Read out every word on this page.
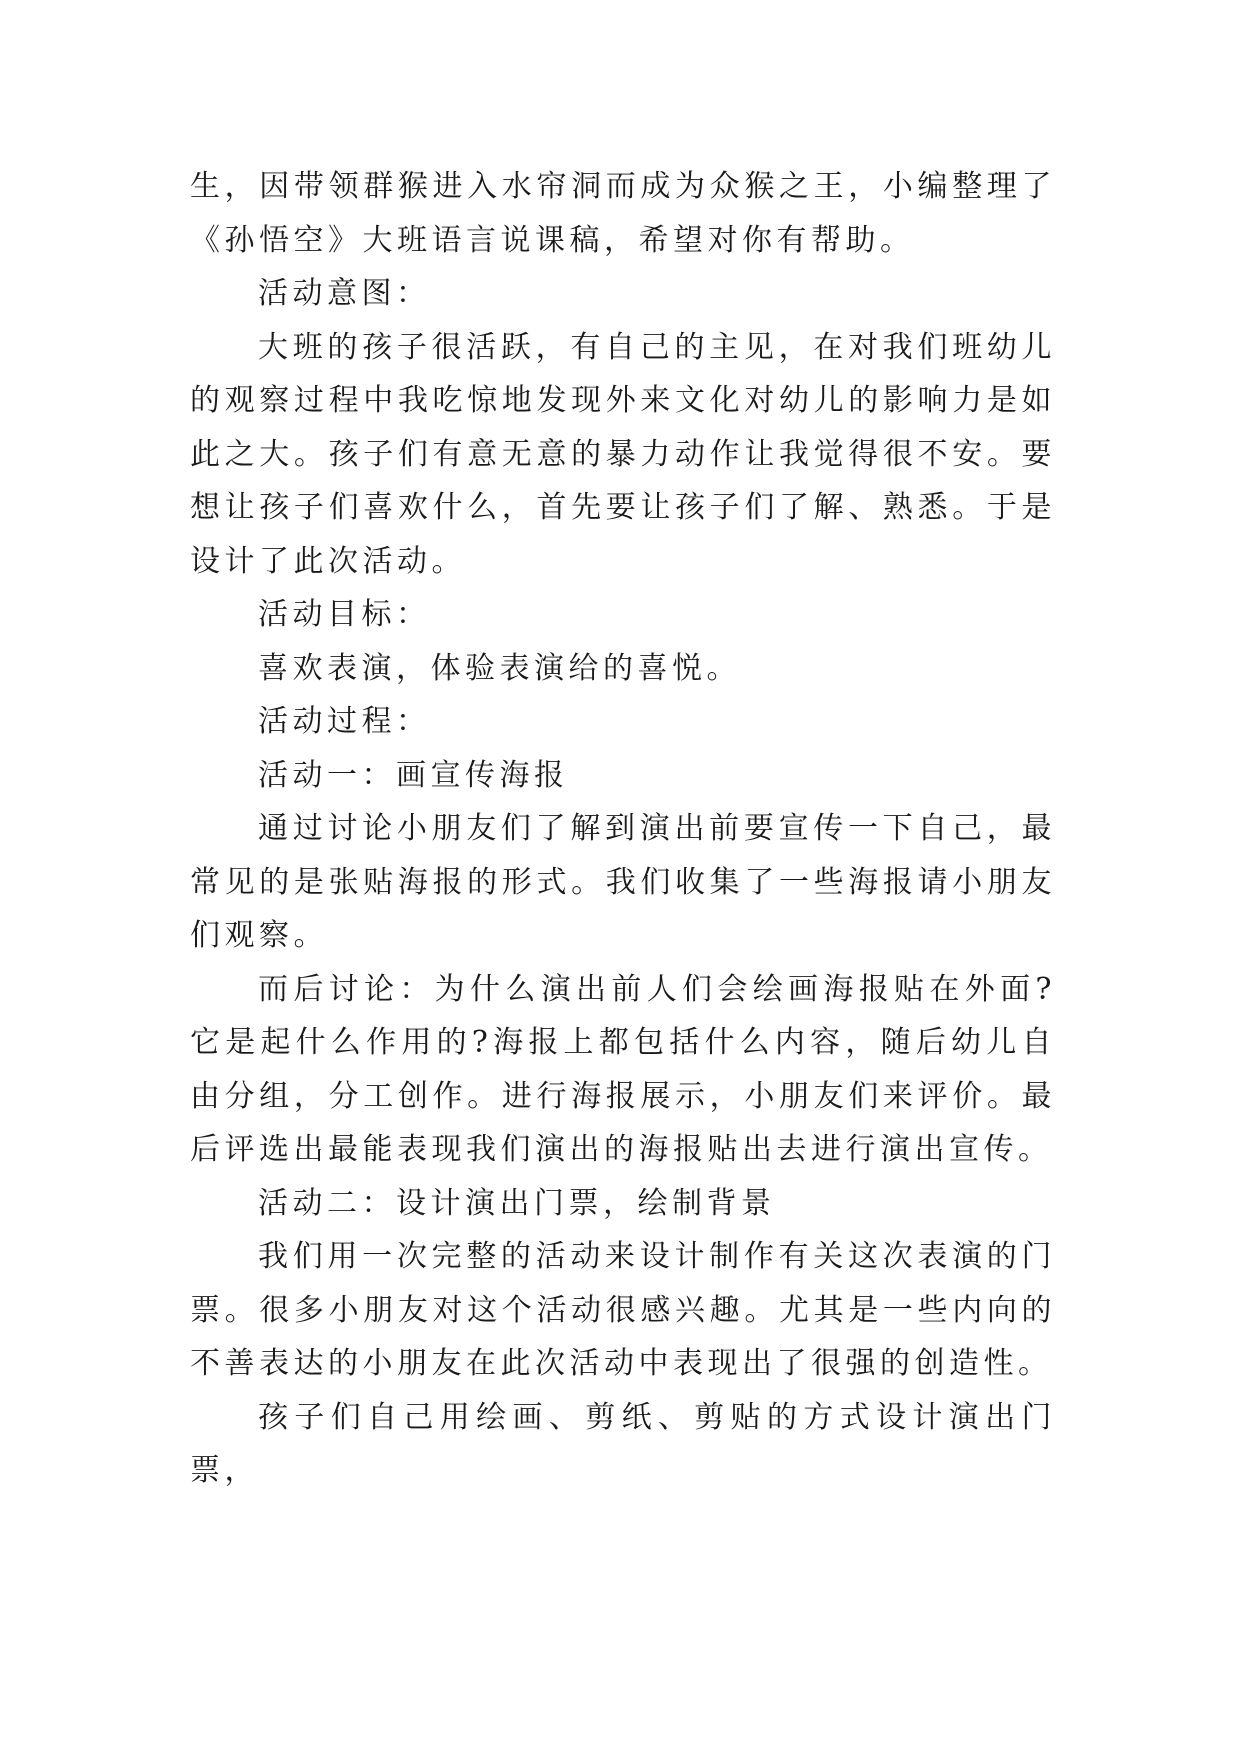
生，因带领群猴进入水帘洞而成为众猴之王，小编整理了《孙悟空》大班语言说课稿，希望对你有帮助。

活动意图：

大班的孩子很活跃，有自己的主见，在对我们班幼儿的观察过程中我吃惊地发现外来文化对幼儿的影响力是如此之大。孩子们有意无意的暴力动作让我觉得很不安。要想让孩子们喜欢什么，首先要让孩子们了解、熟悉。于是设计了此次活动。

活动目标：

喜欢表演，体验表演给的喜悦。

活动过程：

活动一：画宣传海报

通过讨论小朋友们了解到演出前要宣传一下自己，最常见的是张贴海报的形式。我们收集了一些海报请小朋友们观察。

而后讨论：为什么演出前人们会绘画海报贴在外面?它是起什么作用的?海报上都包括什么内容，随后幼儿自由分组，分工创作。进行海报展示，小朋友们来评价。最后评选出最能表现我们演出的海报贴出去进行演出宣传。

活动二：设计演出门票，绘制背景

我们用一次完整的活动来设计制作有关这次表演的门票。很多小朋友对这个活动很感兴趣。尤其是一些内向的不善表达的小朋友在此次活动中表现出了很强的创造性。

孩子们自己用绘画、剪纸、剪贴的方式设计演出门票，
